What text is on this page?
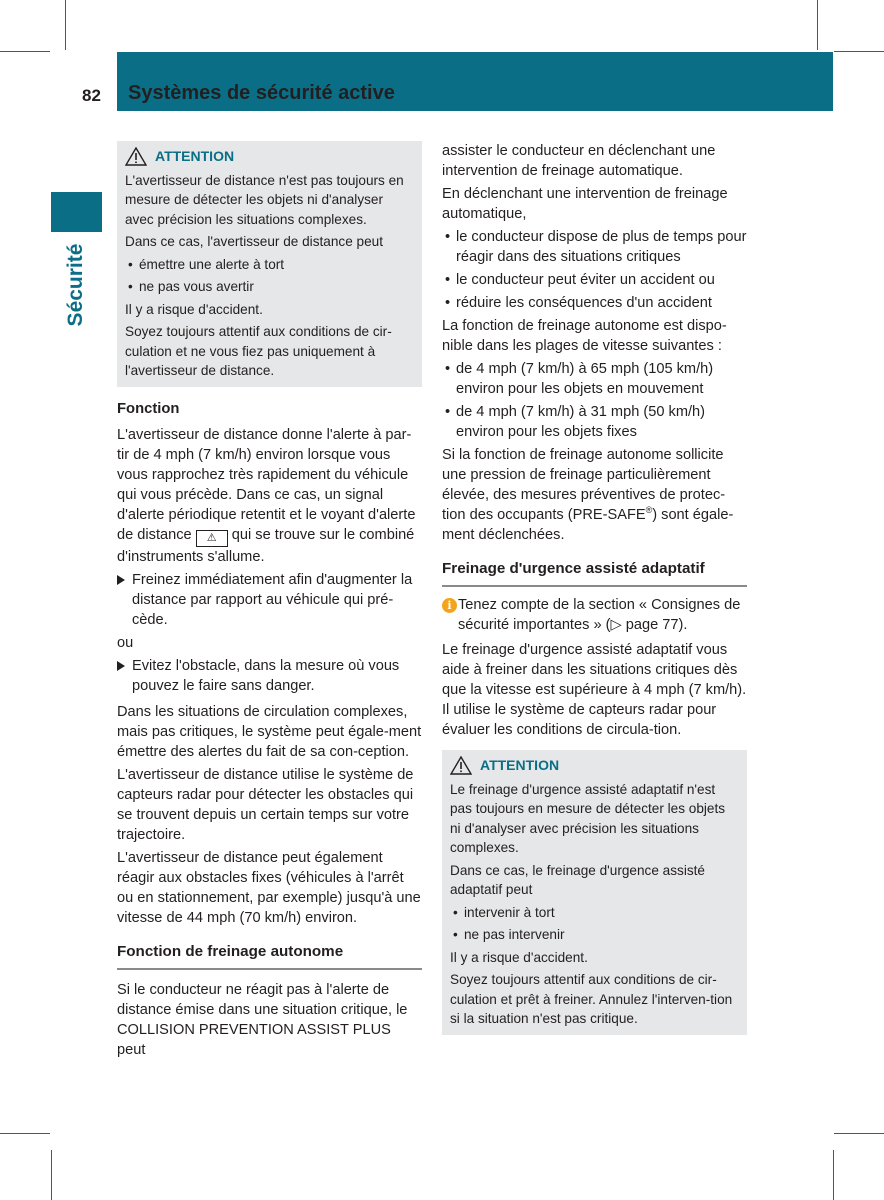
82 Systèmes de sécurité active
Sécurité
ATTENTION

L'avertisseur de distance n'est pas toujours en mesure de détecter les objets ni d'analyser avec précision les situations complexes.

Dans ce cas, l'avertisseur de distance peut

• émettre une alerte à tort
• ne pas vous avertir

Il y a risque d'accident.

Soyez toujours attentif aux conditions de cir-culation et ne vous fiez pas uniquement à l'avertisseur de distance.

Fonction

L'avertisseur de distance donne l'alerte à par-tir de 4 mph (7 km/h) environ lorsque vous vous rapprochez très rapidement du véhicule qui vous précède. Dans ce cas, un signal d'alerte périodique retentit et le voyant d'alerte de distance ⚠ qui se trouve sur le combiné d'instruments s'allume.

Freinez immédiatement afin d'augmenter la distance par rapport au véhicule qui pré-cède.

ou

Evitez l'obstacle, dans la mesure où vous pouvez le faire sans danger.

Dans les situations de circulation complexes, mais pas critiques, le système peut égale-ment émettre des alertes du fait de sa con-ception.

L'avertisseur de distance utilise le système de capteurs radar pour détecter les obstacles qui se trouvent depuis un certain temps sur votre trajectoire.

L'avertisseur de distance peut également réagir aux obstacles fixes (véhicules à l'arrêt ou en stationnement, par exemple) jusqu'à une vitesse de 44 mph (70 km/h) environ.

Fonction de freinage autonome

Si le conducteur ne réagit pas à l'alerte de distance émise dans une situation critique, le COLLISION PREVENTION ASSIST PLUS peut

assister le conducteur en déclenchant une intervention de freinage automatique.

En déclenchant une intervention de freinage automatique,

• le conducteur dispose de plus de temps pour réagir dans des situations critiques
• le conducteur peut éviter un accident ou
• réduire les conséquences d'un accident

La fonction de freinage autonome est dispo-nible dans les plages de vitesse suivantes :

• de 4 mph (7 km/h) à 65 mph (105 km/h) environ pour les objets en mouvement
• de 4 mph (7 km/h) à 31 mph (50 km/h) environ pour les objets fixes

Si la fonction de freinage autonome sollicite une pression de freinage particulièrement élevée, des mesures préventives de protec-tion des occupants (PRE-SAFE®) sont égale-ment déclenchées.

Freinage d'urgence assisté adaptatif
i Tenez compte de la section « Consignes de sécurité importantes » (▷ page 77).

Le freinage d'urgence assisté adaptatif vous aide à freiner dans les situations critiques dès que la vitesse est supérieure à 4 mph (7 km/h). Il utilise le système de capteurs radar pour évaluer les conditions de circula-tion.

ATTENTION

Le freinage d'urgence assisté adaptatif n'est pas toujours en mesure de détecter les objets ni d'analyser avec précision les situations complexes.

Dans ce cas, le freinage d'urgence assisté adaptatif peut

• intervenir à tort
• ne pas intervenir

Il y a risque d'accident.

Soyez toujours attentif aux conditions de cir-culation et prêt à freiner. Annulez l'interven-tion si la situation n'est pas critique.
